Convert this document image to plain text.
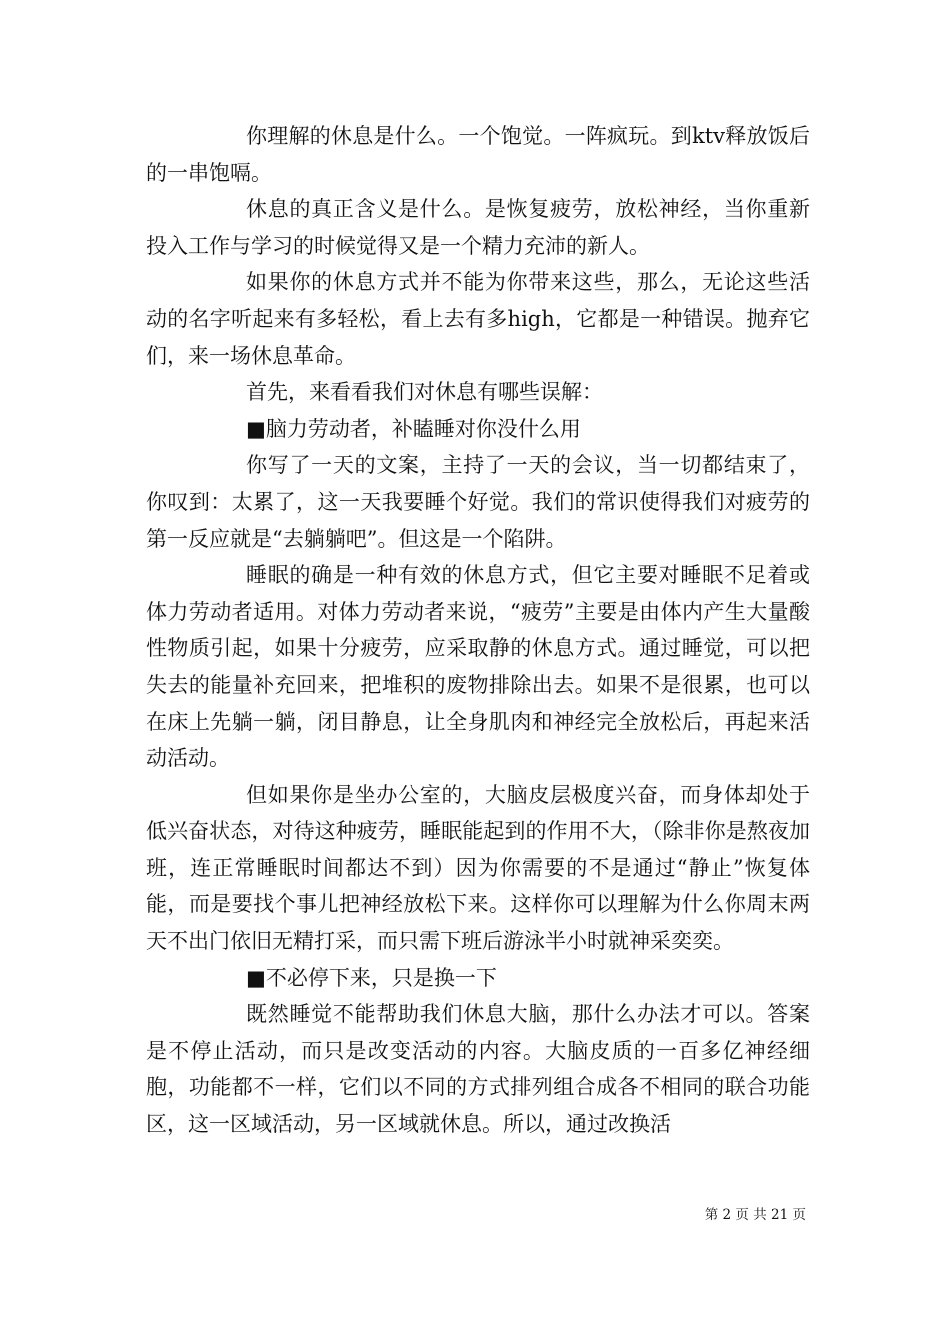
你理解的休息是什么。一个饱觉。一阵疯玩。到ktv释放饭后的一串饱嗝。

休息的真正含义是什么。是恢复疲劳，放松神经，当你重新投入工作与学习的时候觉得又是一个精力充沛的新人。

如果你的休息方式并不能为你带来这些，那么，无论这些活动的名字听起来有多轻松，看上去有多high，它都是一种错误。抛弃它们，来一场休息革命。

首先，来看看我们对休息有哪些误解：

■脑力劳动者，补瞌睡对你没什么用

你写了一天的文案，主持了一天的会议，当一切都结束了，你叹到：太累了，这一天我要睡个好觉。我们的常识使得我们对疲劳的第一反应就是“去躺躺吧”。但这是一个陷阱。

睡眠的确是一种有效的休息方式，但它主要对睡眠不足着或体力劳动者适用。对体力劳动者来说，“疲劳”主要是由体内产生大量酸性物质引起，如果十分疲劳，应采取静的休息方式。通过睡觉，可以把失去的能量补充回来，把堆积的废物排除出去。如果不是很累，也可以在床上先躺一躺，闭目静息，让全身肌肉和神经完全放松后，再起来活动活动。

但如果你是坐办公室的，大脑皮层极度兴奋，而身体却处于低兴奋状态，对待这种疲劳，睡眠能起到的作用不大，（除非你是熬夜加班，连正常睡眠时间都达不到）因为你需要的不是通过“静止”恢复体能，而是要找个事儿把神经放松下来。这样你可以理解为什么你周末两天不出门依旧无精打采，而只需下班后游泳半小时就神采奕奕。

■不必停下来，只是换一下

既然睡觉不能帮助我们休息大脑，那什么办法才可以。答案是不停止活动，而只是改变活动的内容。大脑皮质的一百多亿神经细胞，功能都不一样，它们以不同的方式排列组合成各不相同的联合功能区，这一区域活动，另一区域就休息。所以，通过改换活

第 2 页 共 21 页
